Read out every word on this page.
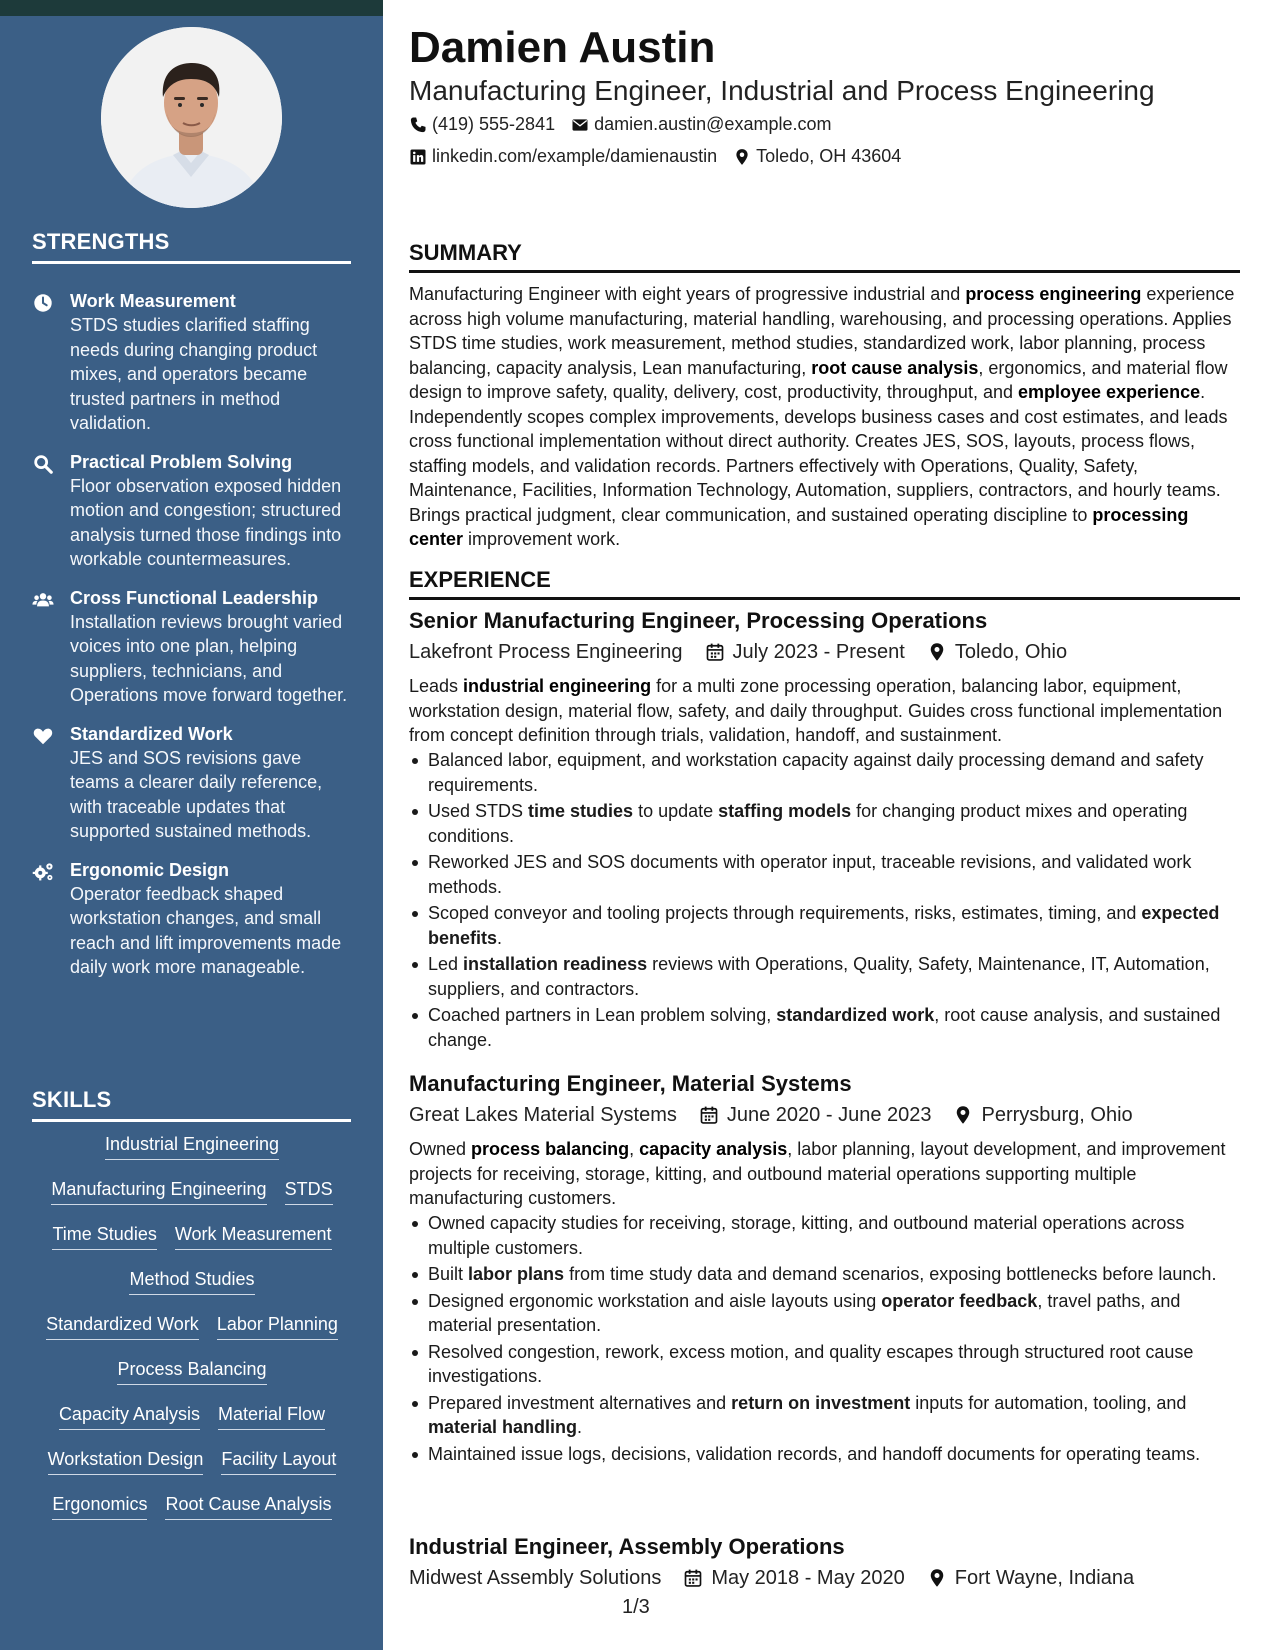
STRENGTHS
Work Measurement
STDS studies clarified staffing needs during changing product mixes, and operators became trusted partners in method validation.
Practical Problem Solving
Floor observation exposed hidden motion and congestion; structured analysis turned those findings into workable countermeasures.
Cross Functional Leadership
Installation reviews brought varied voices into one plan, helping suppliers, technicians, and Operations move forward together.
Standardized Work
JES and SOS revisions gave teams a clearer daily reference, with traceable updates that supported sustained methods.
Ergonomic Design
Operator feedback shaped workstation changes, and small reach and lift improvements made daily work more manageable.
SKILLS
Industrial Engineering
Manufacturing Engineering STDS
Time Studies Work Measurement
Method Studies
Standardized Work Labor Planning
Process Balancing
Capacity Analysis Material Flow
Workstation Design Facility Layout
Ergonomics Root Cause Analysis
Damien Austin
Manufacturing Engineer, Industrial and Process Engineering
(419) 555-2841 damien.austin@example.com
linkedin.com/example/damienaustin Toledo, OH 43604
SUMMARY
Manufacturing Engineer with eight years of progressive industrial and process engineering experience across high volume manufacturing, material handling, warehousing, and processing operations. Applies STDS time studies, work measurement, method studies, standardized work, labor planning, process balancing, capacity analysis, Lean manufacturing, root cause analysis, ergonomics, and material flow design to improve safety, quality, delivery, cost, productivity, throughput, and employee experience. Independently scopes complex improvements, develops business cases and cost estimates, and leads cross functional implementation without direct authority. Creates JES, SOS, layouts, process flows, staffing models, and validation records. Partners effectively with Operations, Quality, Safety, Maintenance, Facilities, Information Technology, Automation, suppliers, contractors, and hourly teams. Brings practical judgment, clear communication, and sustained operating discipline to processing center improvement work.
EXPERIENCE
Senior Manufacturing Engineer, Processing Operations
Lakefront Process Engineering	July 2023 - Present	Toledo, Ohio
Leads industrial engineering for a multi zone processing operation, balancing labor, equipment, workstation design, material flow, safety, and daily throughput. Guides cross functional implementation from concept definition through trials, validation, handoff, and sustainment.
Balanced labor, equipment, and workstation capacity against daily processing demand and safety requirements.
Used STDS time studies to update staffing models for changing product mixes and operating conditions.
Reworked JES and SOS documents with operator input, traceable revisions, and validated work methods.
Scoped conveyor and tooling projects through requirements, risks, estimates, timing, and expected benefits.
Led installation readiness reviews with Operations, Quality, Safety, Maintenance, IT, Automation, suppliers, and contractors.
Coached partners in Lean problem solving, standardized work, root cause analysis, and sustained change.
Manufacturing Engineer, Material Systems
Great Lakes Material Systems	June 2020 - June 2023	Perrysburg, Ohio
Owned process balancing, capacity analysis, labor planning, layout development, and improvement projects for receiving, storage, kitting, and outbound material operations supporting multiple manufacturing customers.
Owned capacity studies for receiving, storage, kitting, and outbound material operations across multiple customers.
Built labor plans from time study data and demand scenarios, exposing bottlenecks before launch.
Designed ergonomic workstation and aisle layouts using operator feedback, travel paths, and material presentation.
Resolved congestion, rework, excess motion, and quality escapes through structured root cause investigations.
Prepared investment alternatives and return on investment inputs for automation, tooling, and material handling.
Maintained issue logs, decisions, validation records, and handoff documents for operating teams.
Industrial Engineer, Assembly Operations
Midwest Assembly Solutions	May 2018 - May 2020	Fort Wayne, Indiana
1/3
